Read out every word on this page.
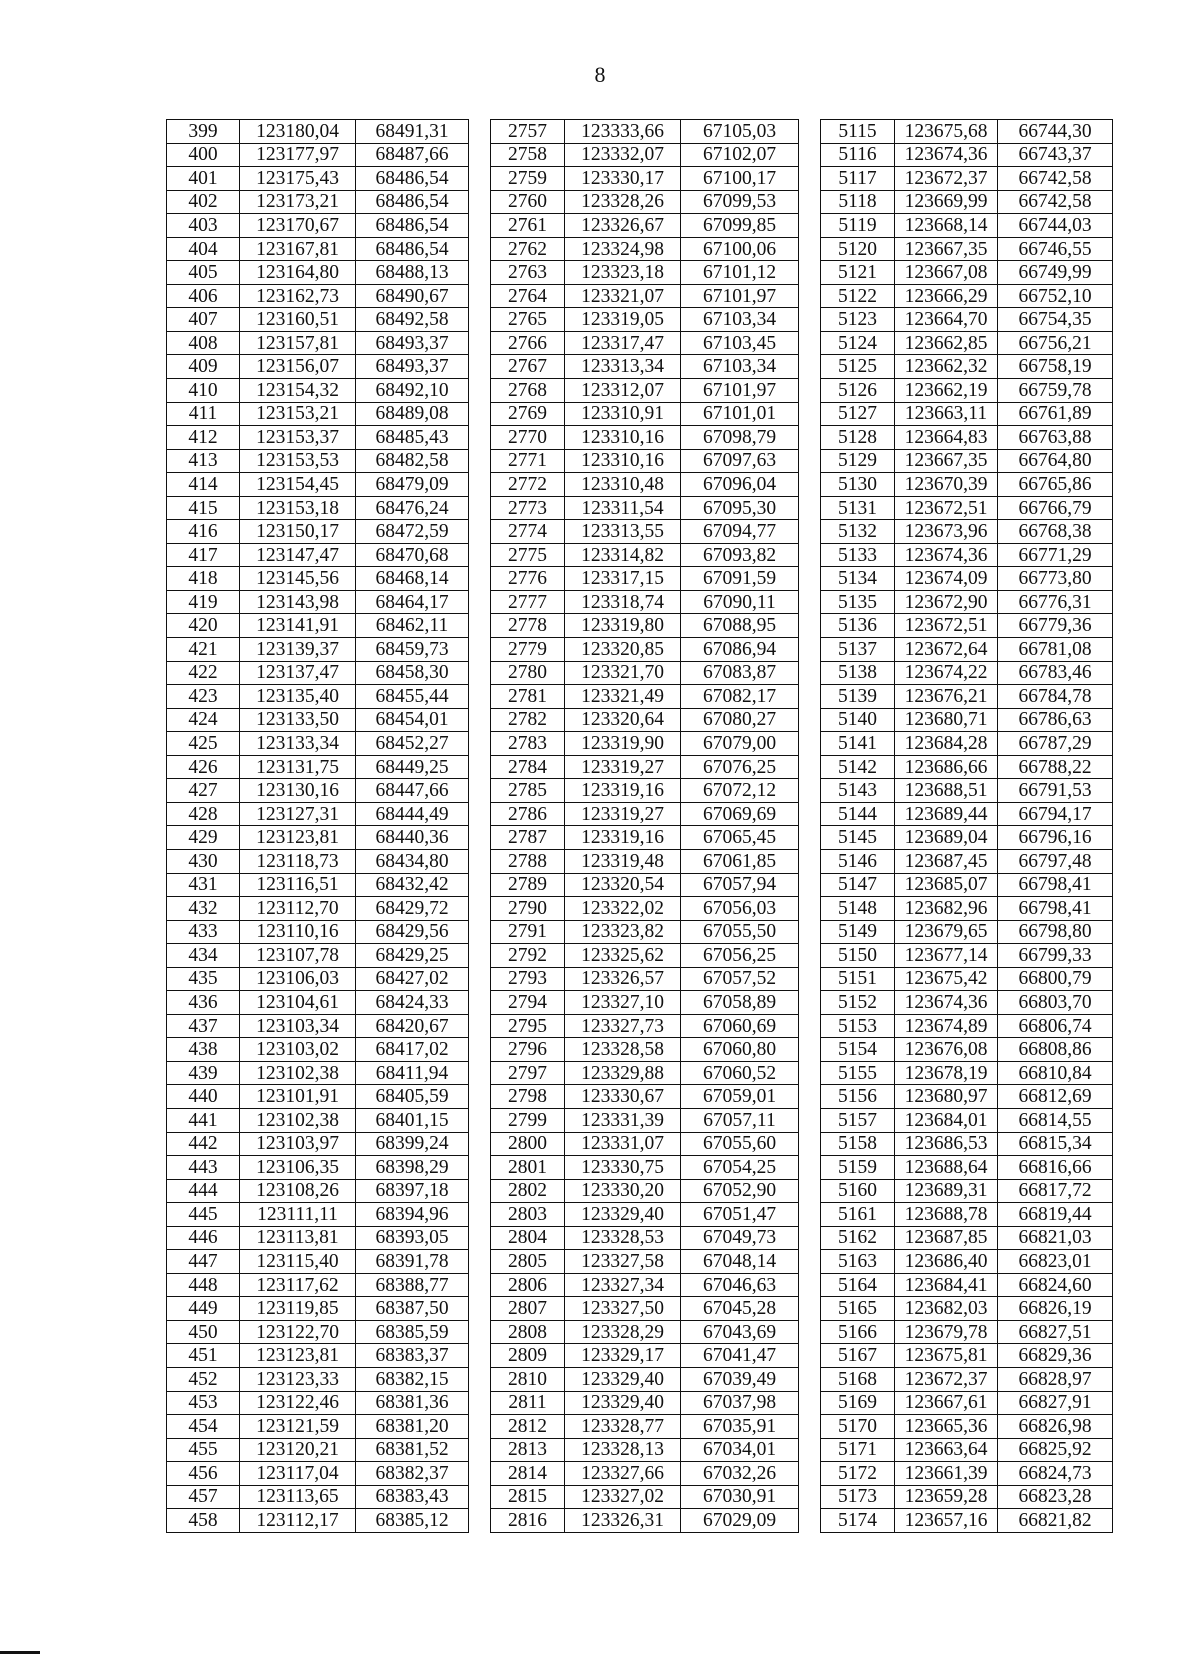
8
399	123180,04	68491,31		2757	123333,66	67105,03		5115	123675,68	66744,30
400	123177,97	68487,66		2758	123332,07	67102,07		5116	123674,36	66743,37
401	123175,43	68486,54		2759	123330,17	67100,17		5117	123672,37	66742,58
402	123173,21	68486,54		2760	123328,26	67099,53		5118	123669,99	66742,58
403	123170,67	68486,54		2761	123326,67	67099,85		5119	123668,14	66744,03
404	123167,81	68486,54		2762	123324,98	67100,06		5120	123667,35	66746,55
405	123164,80	68488,13		2763	123323,18	67101,12		5121	123667,08	66749,99
406	123162,73	68490,67		2764	123321,07	67101,97		5122	123666,29	66752,10
407	123160,51	68492,58		2765	123319,05	67103,34		5123	123664,70	66754,35
408	123157,81	68493,37		2766	123317,47	67103,45		5124	123662,85	66756,21
409	123156,07	68493,37		2767	123313,34	67103,34		5125	123662,32	66758,19
410	123154,32	68492,10		2768	123312,07	67101,97		5126	123662,19	66759,78
411	123153,21	68489,08		2769	123310,91	67101,01		5127	123663,11	66761,89
412	123153,37	68485,43		2770	123310,16	67098,79		5128	123664,83	66763,88
413	123153,53	68482,58		2771	123310,16	67097,63		5129	123667,35	66764,80
414	123154,45	68479,09		2772	123310,48	67096,04		5130	123670,39	66765,86
415	123153,18	68476,24		2773	123311,54	67095,30		5131	123672,51	66766,79
416	123150,17	68472,59		2774	123313,55	67094,77		5132	123673,96	66768,38
417	123147,47	68470,68		2775	123314,82	67093,82		5133	123674,36	66771,29
418	123145,56	68468,14		2776	123317,15	67091,59		5134	123674,09	66773,80
419	123143,98	68464,17		2777	123318,74	67090,11		5135	123672,90	66776,31
420	123141,91	68462,11		2778	123319,80	67088,95		5136	123672,51	66779,36
421	123139,37	68459,73		2779	123320,85	67086,94		5137	123672,64	66781,08
422	123137,47	68458,30		2780	123321,70	67083,87		5138	123674,22	66783,46
423	123135,40	68455,44		2781	123321,49	67082,17		5139	123676,21	66784,78
424	123133,50	68454,01		2782	123320,64	67080,27		5140	123680,71	66786,63
425	123133,34	68452,27		2783	123319,90	67079,00		5141	123684,28	66787,29
426	123131,75	68449,25		2784	123319,27	67076,25		5142	123686,66	66788,22
427	123130,16	68447,66		2785	123319,16	67072,12		5143	123688,51	66791,53
428	123127,31	68444,49		2786	123319,27	67069,69		5144	123689,44	66794,17
429	123123,81	68440,36		2787	123319,16	67065,45		5145	123689,04	66796,16
430	123118,73	68434,80		2788	123319,48	67061,85		5146	123687,45	66797,48
431	123116,51	68432,42		2789	123320,54	67057,94		5147	123685,07	66798,41
432	123112,70	68429,72		2790	123322,02	67056,03		5148	123682,96	66798,41
433	123110,16	68429,56		2791	123323,82	67055,50		5149	123679,65	66798,80
434	123107,78	68429,25		2792	123325,62	67056,25		5150	123677,14	66799,33
435	123106,03	68427,02		2793	123326,57	67057,52		5151	123675,42	66800,79
436	123104,61	68424,33		2794	123327,10	67058,89		5152	123674,36	66803,70
437	123103,34	68420,67		2795	123327,73	67060,69		5153	123674,89	66806,74
438	123103,02	68417,02		2796	123328,58	67060,80		5154	123676,08	66808,86
439	123102,38	68411,94		2797	123329,88	67060,52		5155	123678,19	66810,84
440	123101,91	68405,59		2798	123330,67	67059,01		5156	123680,97	66812,69
441	123102,38	68401,15		2799	123331,39	67057,11		5157	123684,01	66814,55
442	123103,97	68399,24		2800	123331,07	67055,60		5158	123686,53	66815,34
443	123106,35	68398,29		2801	123330,75	67054,25		5159	123688,64	66816,66
444	123108,26	68397,18		2802	123330,20	67052,90		5160	123689,31	66817,72
445	123111,11	68394,96		2803	123329,40	67051,47		5161	123688,78	66819,44
446	123113,81	68393,05		2804	123328,53	67049,73		5162	123687,85	66821,03
447	123115,40	68391,78		2805	123327,58	67048,14		5163	123686,40	66823,01
448	123117,62	68388,77		2806	123327,34	67046,63		5164	123684,41	66824,60
449	123119,85	68387,50		2807	123327,50	67045,28		5165	123682,03	66826,19
450	123122,70	68385,59		2808	123328,29	67043,69		5166	123679,78	66827,51
451	123123,81	68383,37		2809	123329,17	67041,47		5167	123675,81	66829,36
452	123123,33	68382,15		2810	123329,40	67039,49		5168	123672,37	66828,97
453	123122,46	68381,36		2811	123329,40	67037,98		5169	123667,61	66827,91
454	123121,59	68381,20		2812	123328,77	67035,91		5170	123665,36	66826,98
455	123120,21	68381,52		2813	123328,13	67034,01		5171	123663,64	66825,92
456	123117,04	68382,37		2814	123327,66	67032,26		5172	123661,39	66824,73
457	123113,65	68383,43		2815	123327,02	67030,91		5173	123659,28	66823,28
458	123112,17	68385,12		2816	123326,31	67029,09		5174	123657,16	66821,82
